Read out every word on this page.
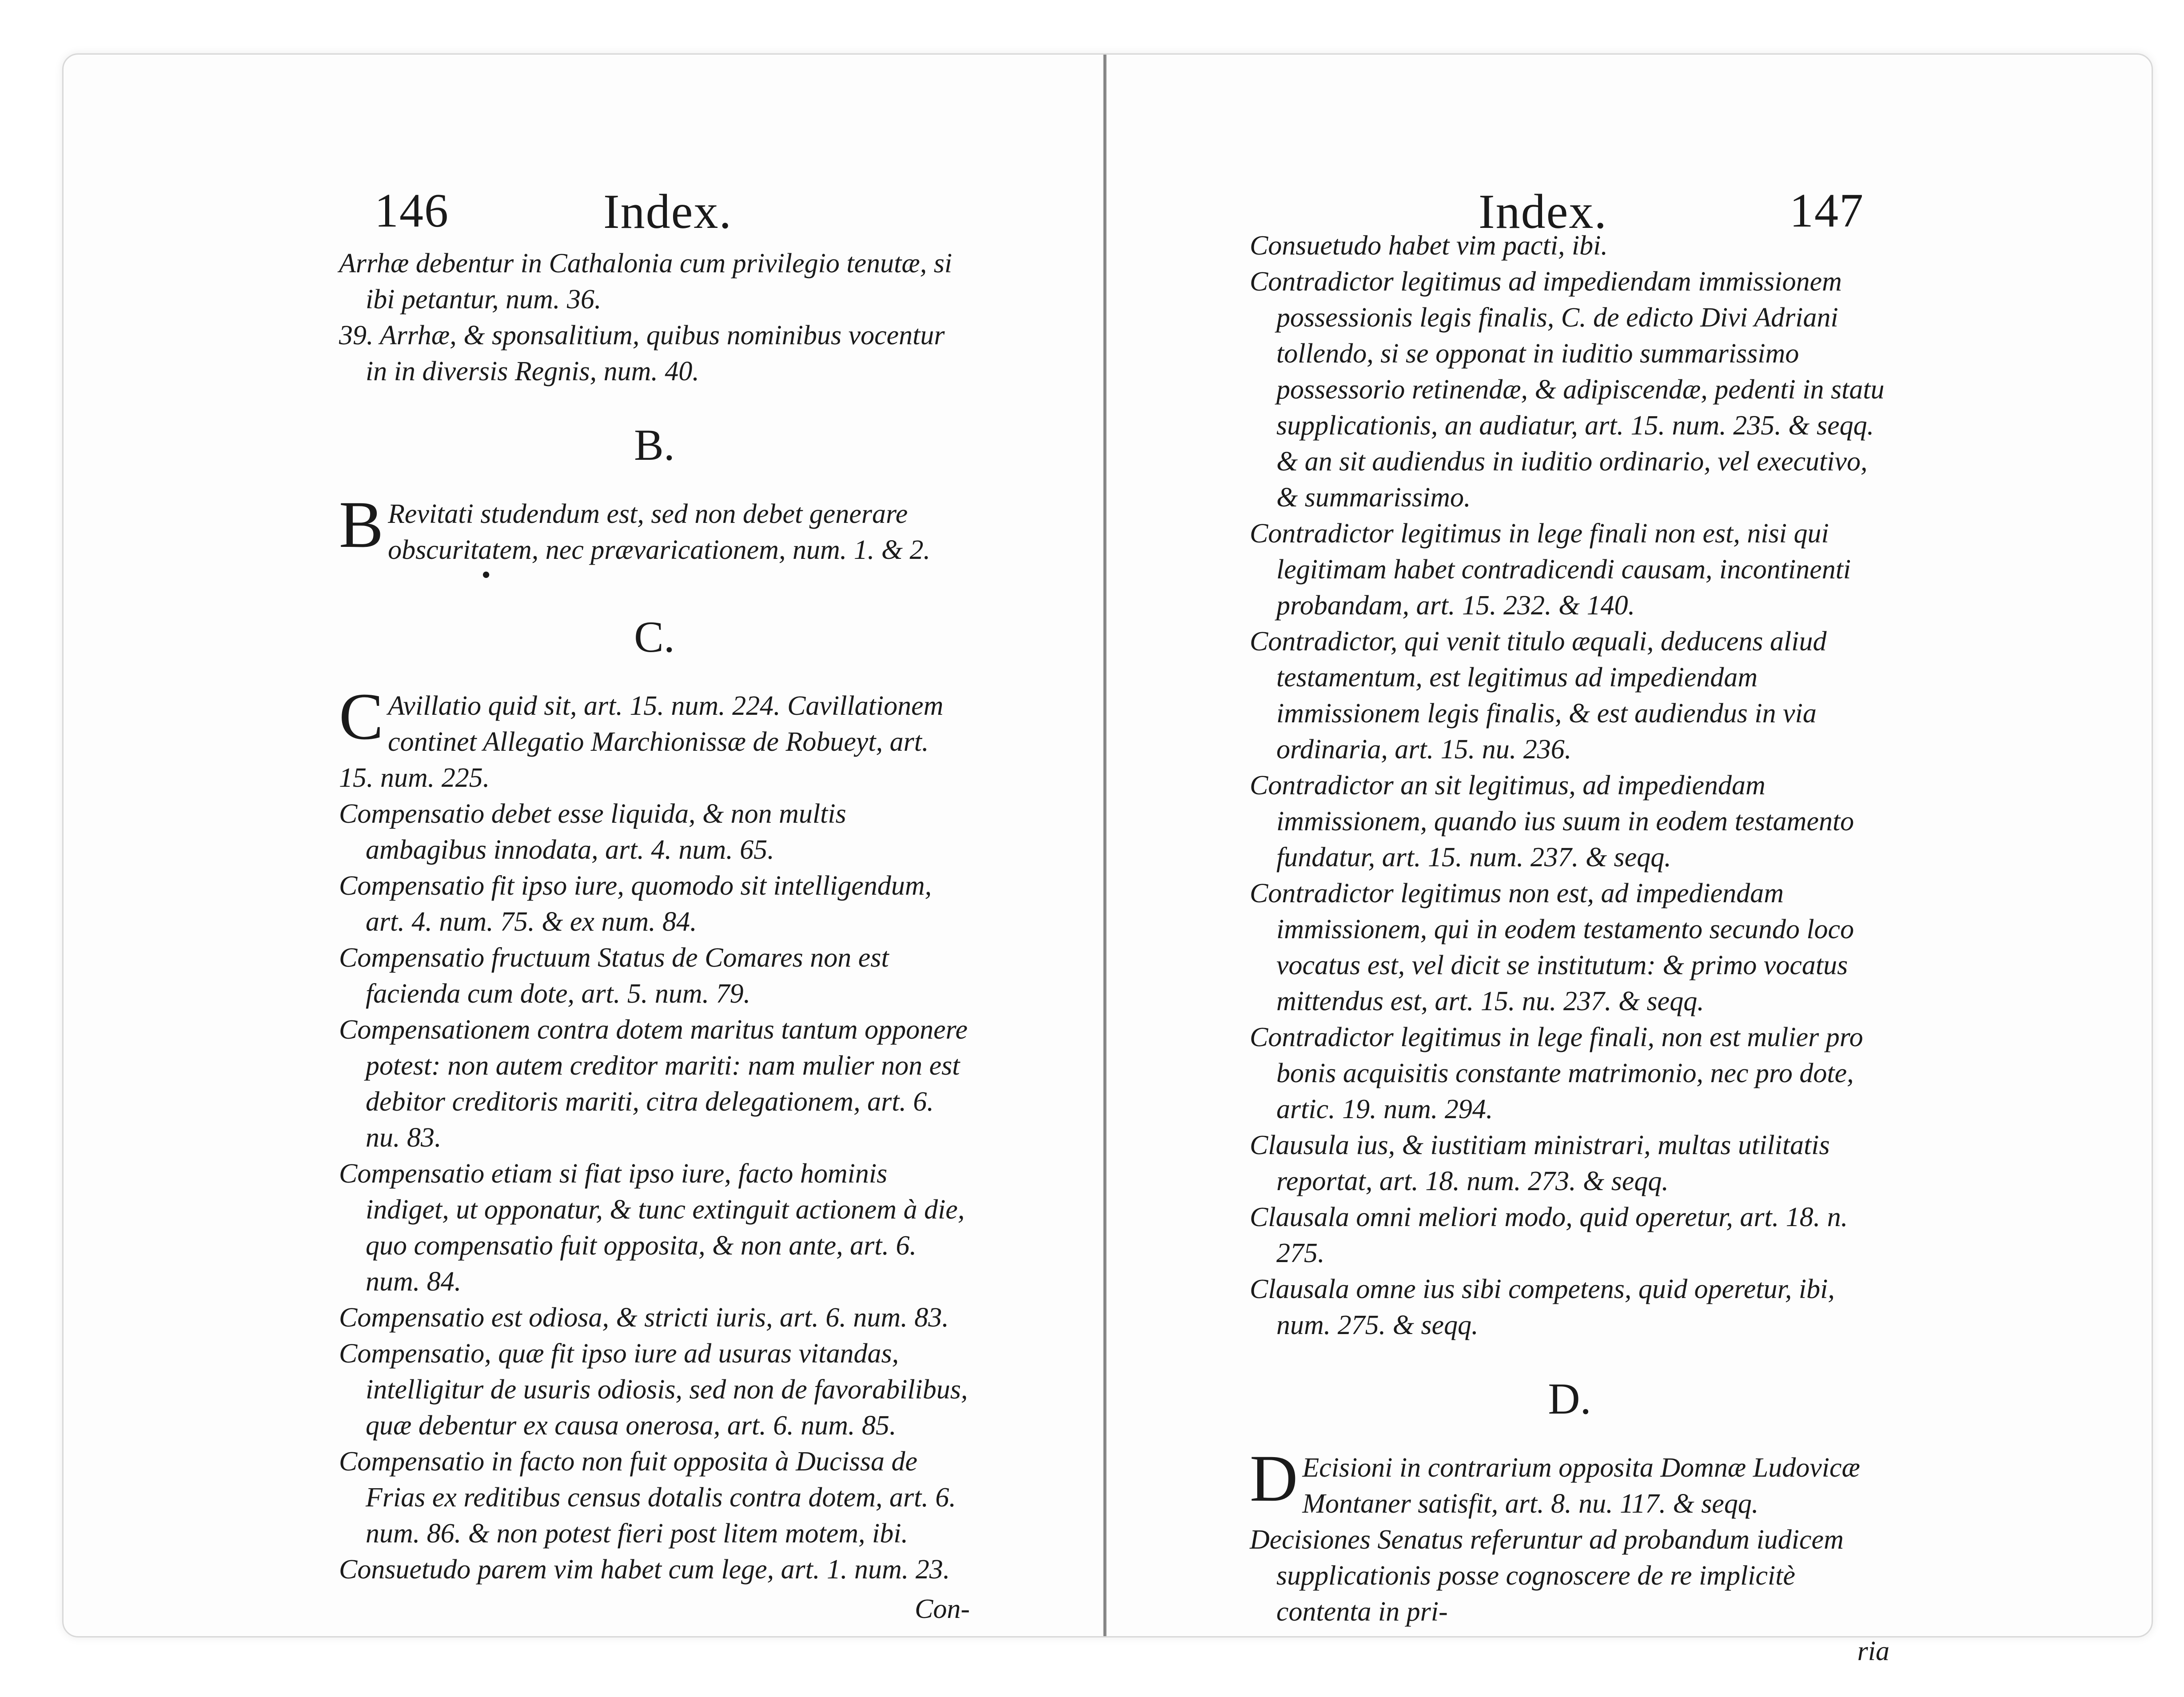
146	Index.

Arrhæ debentur in Cathalonia cum privilegio tenutæ, si ibi petantur, num. 36.

39. Arrhæ, & sponsalitium, quibus nominibus vocentur in in diversis Regnis, num. 40.

B.

B Revitati studendum est, sed non debet generare obscuritatem, nec prævaricationem, num. 1. & 2.

•
C.

C Avillatio quid sit, art. 15. num. 224. Cavillationem continet Allegatio Marchionissæ de Robueyt, art. 15. num. 225.

Compensatio debet esse liquida, & non multis ambagibus innodata, art. 4. num. 65.

Compensatio fit ipso iure, quomodo sit intelligendum, art. 4. num. 75. & ex num. 84.

Compensatio fructuum Status de Comares non est facienda cum dote, art. 5. num. 79.

Compensationem contra dotem maritus tantum opponere potest: non autem creditor mariti: nam mulier non est debitor creditoris mariti, citra delegationem, art. 6. nu. 83.

Compensatio etiam si fiat ipso iure, facto hominis indiget, ut opponatur, & tunc extinguit actionem à die, quo compensatio fuit opposita, & non ante, art. 6. num. 84.

Compensatio est odiosa, & stricti iuris, art. 6. num. 83.

Compensatio, quæ fit ipso iure ad usuras vitandas, intelligitur de usuris odiosis, sed non de favorabilibus, quæ debentur ex causa onerosa, art. 6. num. 85.

Compensatio in facto non fuit opposita à Ducissa de Frias ex reditibus census dotalis contra dotem, art. 6. num. 86. & non potest fieri post litem motem, ibi.

Consuetudo parem vim habet cum lege, art. 1. num. 23.

Con-

Index.	147

Consuetudo habet vim pacti, ibi.

Contradictor legitimus ad impediendam immissionem possessionis legis finalis, C. de edicto Divi Adriani tollendo, si se opponat in iuditio summarissimo possessorio retinendæ, & adipiscendæ, pedenti in statu supplicationis, an audiatur, art. 15. num. 235. & seqq. & an sit audiendus in iuditio ordinario, vel executivo, & summarissimo.

Contradictor legitimus in lege finali non est, nisi qui legitimam habet contradicendi causam, incontinenti probandam, art. 15. 232. & 140.

Contradictor, qui venit titulo æquali, deducens aliud testamentum, est legitimus ad impediendam immissionem legis finalis, & est audiendus in via ordinaria, art. 15. nu. 236.

Contradictor an sit legitimus, ad impediendam immissionem, quando ius suum in eodem testamento fundatur, art. 15. num. 237. & seqq.

Contradictor legitimus non est, ad impediendam immissionem, qui in eodem testamento secundo loco vocatus est, vel dicit se institutum: & primo vocatus mittendus est, art. 15. nu. 237. & seqq.

Contradictor legitimus in lege finali, non est mulier pro bonis acquisitis constante matrimonio, nec pro dote, artic. 19. num. 294.

Clausula ius, & iustitiam ministrari, multas utilitatis reportat, art. 18. num. 273. & seqq.

Clausala omni meliori modo, quid operetur, art. 18. n. 275.

Clausala omne ius sibi competens, quid operetur, ibi, num. 275. & seqq.

D.

D Ecisioni in contrarium opposita Domnæ Ludovicæ Montaner satisfit, art. 8. nu. 117. & seqq.

Decisiones Senatus referuntur ad probandum iudicem supplicationis posse cognoscere de re implicitè contenta in pri-

ria
